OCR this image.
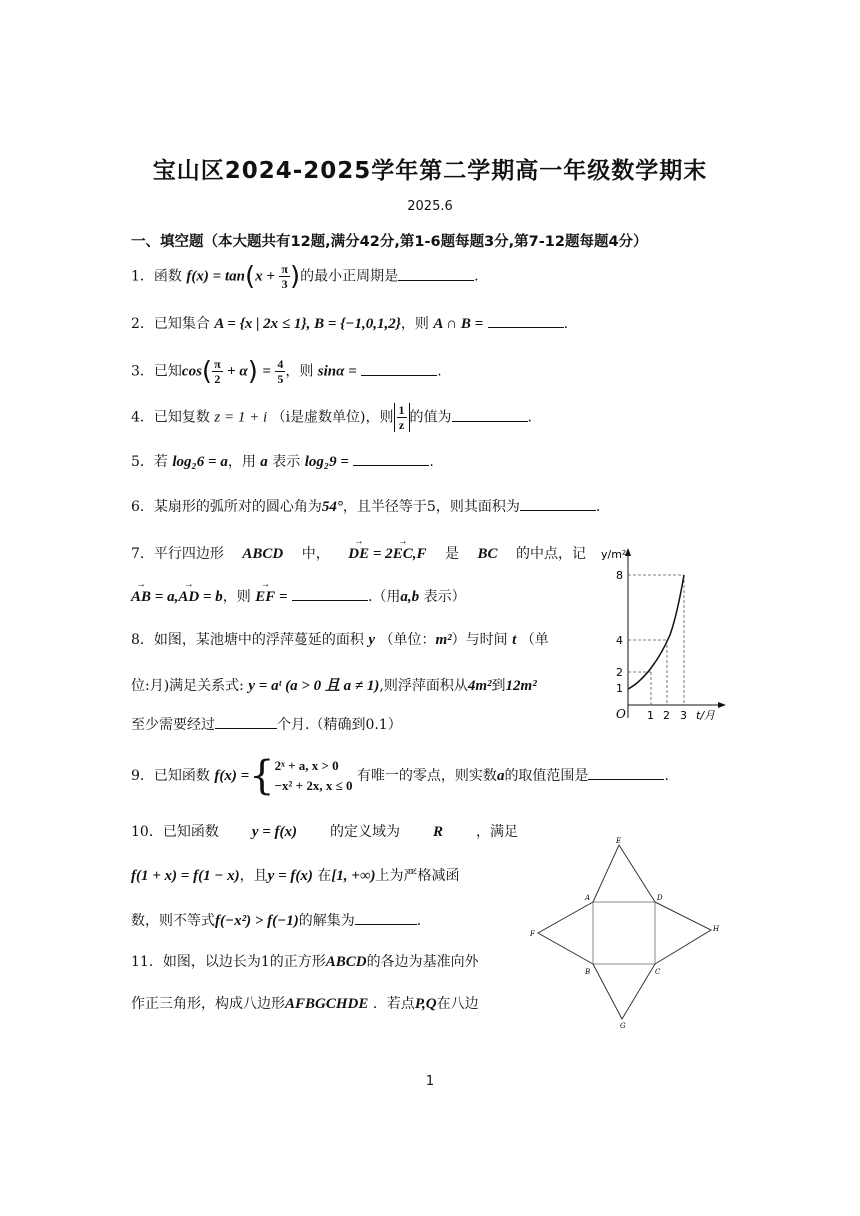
宝山区2024-2025学年第二学期高一年级数学期末
2025.6
一、填空题（本大题共有12题,满分42分,第1-6题每题3分,第7-12题每题4分）
1．函数 $f(x) = \tan(x + \frac{\pi}{3}$ )的最小正周期是	.
2．已知集合 A = {x | 2x ≤ 1}, B = {−1,0,1,2}，则 A ∩ B =	.
3．已知$\cos( \frac{\pi}{2} + \alpha) = \frac{4}{5}$ ，则 sinα =	.
4．已知复数 z = 1 + i （i是虚数单位)，则 $\frac{1}{z}$ 的值为	.
5．若 log₂6 = a，用 a 表示 log₂9 =	.
6．某扇形的弧所对的圆心角为54°，且半径等于5，则其面积为	.
7．平行四边形 ABCD 中， → DE = 2→ EC,F 是 BC 的中点，记
→ AB = a,→ AD = b，则 → EF =	.（用a,b 表示）
8．如图，某池塘中的浮萍蔓延的面积 y （单位：m²）与时间 t （单
位:月)满足关系式: y = aᵗ (a > 0 且 a ≠ 1),则浮萍面积从4m²到12m²
至少需要经过	个月.（精确到0.1）
9．已知函数 f(x) ={ 2ˣ + a, x > 0
−x² + 2x, x ≤ 0
有唯一的零点，则实数a的取值范围是	.
10．已知函数 y = f(x) 的定义域为 R ，满足
f(1 + x) = f(1 − x)，且y = f(x) 在[1, +∞)上为严格减函
数，则不等式f(−x²) > f(−1)的解集为	.
11．如图，以边长为1的正方形ABCD的各边为基准向外
作正三角形，构成八边形AFBGCHDE ．若点P,Q在八边
y/m²
8
4
2
1
O 1 2 3 t/月
E
A	D
F
H
B	C
G
1
